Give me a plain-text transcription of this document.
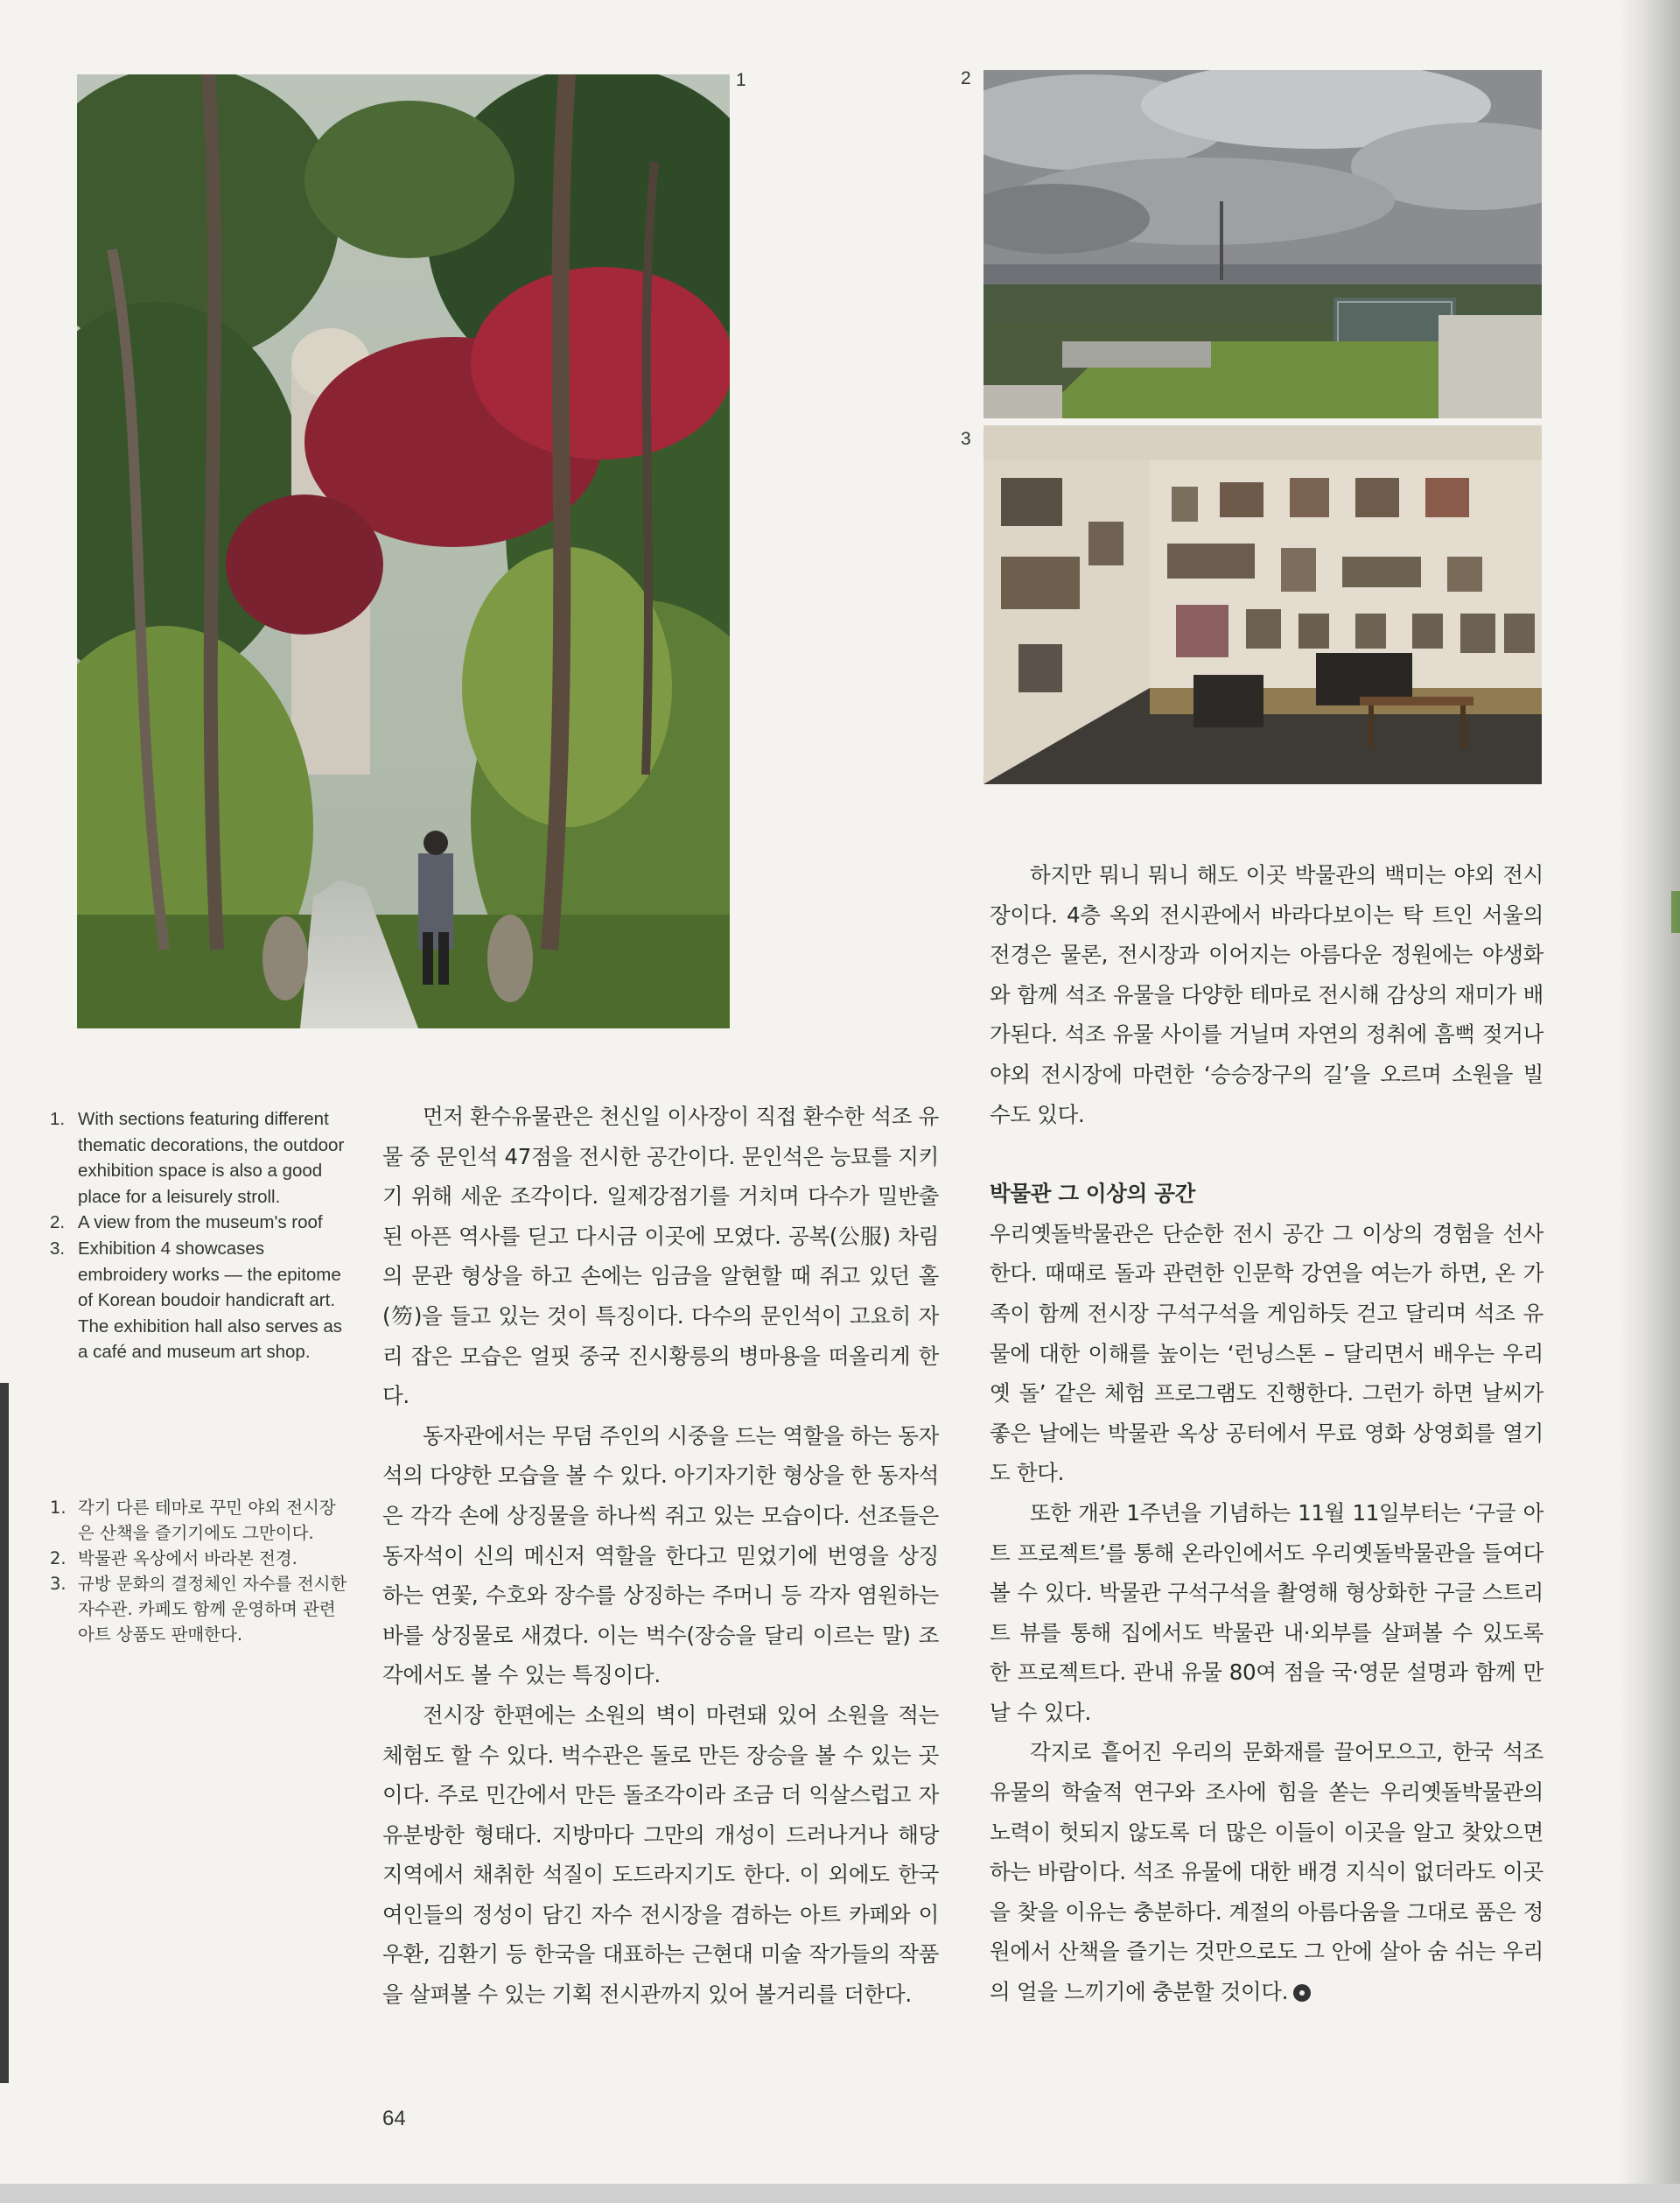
1	2
3
1. With sections featuring different thematic decorations, the outdoor exhibition space is also a good place for a leisurely stroll.
2. A view from the museum's roof
3. Exhibition 4 showcases embroidery works — the epitome of Korean boudoir handicraft art. The exhibition hall also serves as a café and museum art shop.
1. 각기 다른 테마로 꾸민 야외 전시장은 산책을 즐기기에도 그만이다.
2. 박물관 옥상에서 바라본 전경.
3. 규방 문화의 결정체인 자수를 전시한 자수관. 카페도 함께 운영하며 관련 아트 상품도 판매한다.

먼저 환수유물관은 천신일 이사장이 직접 환수한 석조 유물 중 문인석 47점을 전시한 공간이다. 문인석은 능묘를 지키기 위해 세운 조각이다. 일제강점기를 거치며 다수가 밀반출된 아픈 역사를 딛고 다시금 이곳에 모였다. 공복(公服) 차림의 문관 형상을 하고 손에는 임금을 알현할 때 쥐고 있던 홀(笏)을 들고 있는 것이 특징이다. 다수의 문인석이 고요히 자리 잡은 모습은 얼핏 중국 진시황릉의 병마용을 떠올리게 한다.

동자관에서는 무덤 주인의 시중을 드는 역할을 하는 동자석의 다양한 모습을 볼 수 있다. 아기자기한 형상을 한 동자석은 각각 손에 상징물을 하나씩 쥐고 있는 모습이다. 선조들은 동자석이 신의 메신저 역할을 한다고 믿었기에 번영을 상징하는 연꽃, 수호와 장수를 상징하는 주머니 등 각자 염원하는 바를 상징물로 새겼다. 이는 벅수(장승을 달리 이르는 말) 조각에서도 볼 수 있는 특징이다.

전시장 한편에는 소원의 벽이 마련돼 있어 소원을 적는 체험도 할 수 있다. 벅수관은 돌로 만든 장승을 볼 수 있는 곳이다. 주로 민간에서 만든 돌조각이라 조금 더 익살스럽고 자유분방한 형태다. 지방마다 그만의 개성이 드러나거나 해당 지역에서 채취한 석질이 도드라지기도 한다. 이 외에도 한국 여인들의 정성이 담긴 자수 전시장을 겸하는 아트 카페와 이우환, 김환기 등 한국을 대표하는 근현대 미술 작가들의 작품을 살펴볼 수 있는 기획 전시관까지 있어 볼거리를 더한다.

하지만 뭐니 뭐니 해도 이곳 박물관의 백미는 야외 전시장이다. 4층 옥외 전시관에서 바라다보이는 탁 트인 서울의 전경은 물론, 전시장과 이어지는 아름다운 정원에는 야생화와 함께 석조 유물을 다양한 테마로 전시해 감상의 재미가 배가된다. 석조 유물 사이를 거닐며 자연의 정취에 흠뻑 젖거나 야외 전시장에 마련한 ‘승승장구의 길’을 오르며 소원을 빌 수도 있다.

박물관 그 이상의 공간

우리옛돌박물관은 단순한 전시 공간 그 이상의 경험을 선사한다. 때때로 돌과 관련한 인문학 강연을 여는가 하면, 온 가족이 함께 전시장 구석구석을 게임하듯 걷고 달리며 석조 유물에 대한 이해를 높이는 ‘런닝스톤 – 달리면서 배우는 우리 옛 돌’ 같은 체험 프로그램도 진행한다. 그런가 하면 날씨가 좋은 날에는 박물관 옥상 공터에서 무료 영화 상영회를 열기도 한다.

또한 개관 1주년을 기념하는 11월 11일부터는 ‘구글 아트 프로젝트’를 통해 온라인에서도 우리옛돌박물관을 들여다 볼 수 있다. 박물관 구석구석을 촬영해 형상화한 구글 스트리트 뷰를 통해 집에서도 박물관 내·외부를 살펴볼 수 있도록 한 프로젝트다. 관내 유물 80여 점을 국·영문 설명과 함께 만날 수 있다.

각지로 흩어진 우리의 문화재를 끌어모으고, 한국 석조 유물의 학술적 연구와 조사에 힘을 쏟는 우리옛돌박물관의 노력이 헛되지 않도록 더 많은 이들이 이곳을 알고 찾았으면 하는 바람이다. 석조 유물에 대한 배경 지식이 없더라도 이곳을 찾을 이유는 충분하다. 계절의 아름다움을 그대로 품은 정원에서 산책을 즐기는 것만으로도 그 안에 살아 숨 쉬는 우리의 얼을 느끼기에 충분할 것이다.

64
